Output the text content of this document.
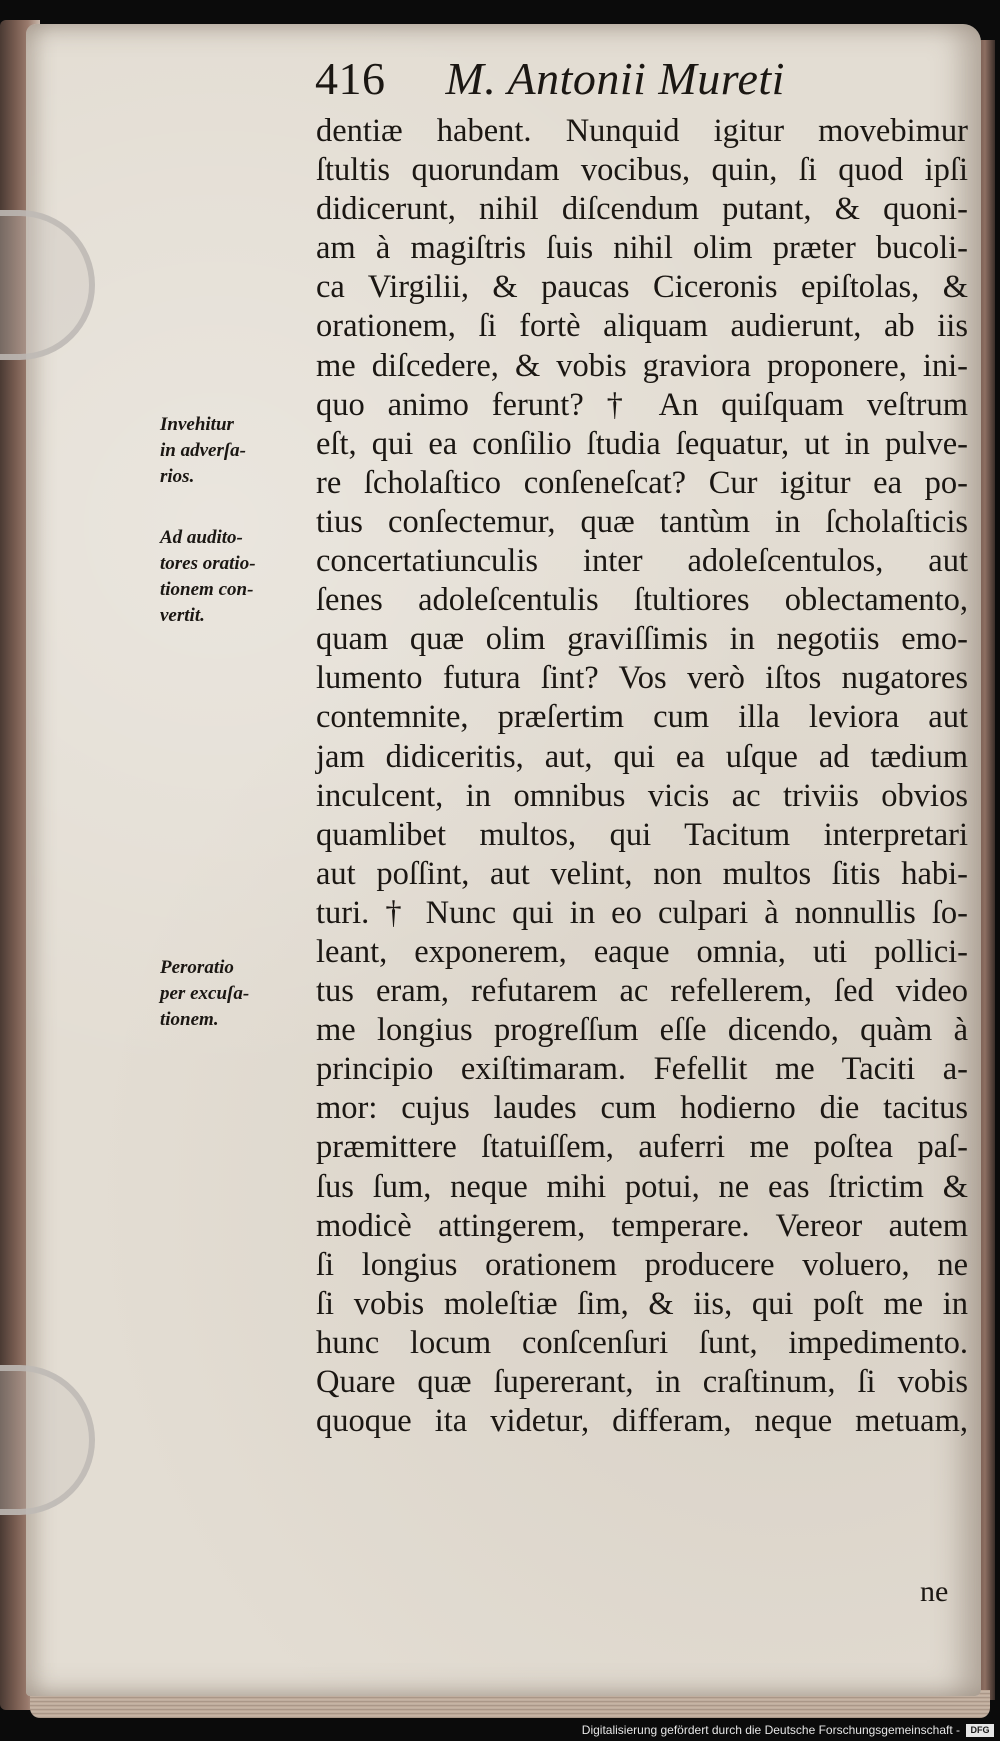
416 M. Antonii Mureti
dentiæ habent. Nunquid igitur movebimur
ſtultis quorundam vocibus, quin, ſi quod ipſi
didicerunt, nihil diſcendum putant, & quoni-
am à magiſtris ſuis nihil olim præter bucoli-
ca Virgilii, & paucas Ciceronis epiſtolas, &
orationem, ſi fortè aliquam audierunt, ab iis
me diſcedere, & vobis graviora proponere, ini-
quo animo ferunt? † An quiſquam veſtrum
eſt, qui ea conſilio ſtudia ſequatur, ut in pulve-
re ſcholaſtico conſeneſcat? Cur igitur ea po-
tius conſectemur, quæ tantùm in ſcholaſticis
concertatiunculis inter adoleſcentulos, aut
ſenes adoleſcentulis ſtultiores oblectamento,
quam quæ olim graviſſimis in negotiis emo-
lumento futura ſint? Vos verò iſtos nugatores
contemnite, præſertim cum illa leviora aut
jam didiceritis, aut, qui ea uſque ad tædium
inculcent, in omnibus vicis ac triviis obvios
quamlibet multos, qui Tacitum interpretari
aut poſſint, aut velint, non multos ſitis habi-
turi. † Nunc qui in eo culpari à nonnullis ſo-
leant, exponerem, eaque omnia, uti pollici-
tus eram, refutarem ac refellerem, ſed video
me longius progreſſum eſſe dicendo, quàm à
principio exiſtimaram. Fefellit me Taciti a-
mor: cujus laudes cum hodierno die tacitus
præmittere ſtatuiſſem, auferri me poſtea paſ-
ſus ſum, neque mihi potui, ne eas ſtrictim &
modicè attingerem, temperare. Vereor autem
ſi longius orationem producere voluero, ne
ſi vobis moleſtiæ ſim, & iis, qui poſt me in
hunc locum conſcenſuri ſunt, impedimento.
Quare quæ ſupererant, in craſtinum, ſi vobis
quoque ita videtur, differam, neque metuam,
Invehitur
in adverſa-
rios.
Ad audito-
tores oratio-
tionem con-
vertit.
Peroratio
per excuſa-
tionem.
ne
Digitalisierung gefördert durch die Deutsche Forschungsgemeinschaft -	DFG
